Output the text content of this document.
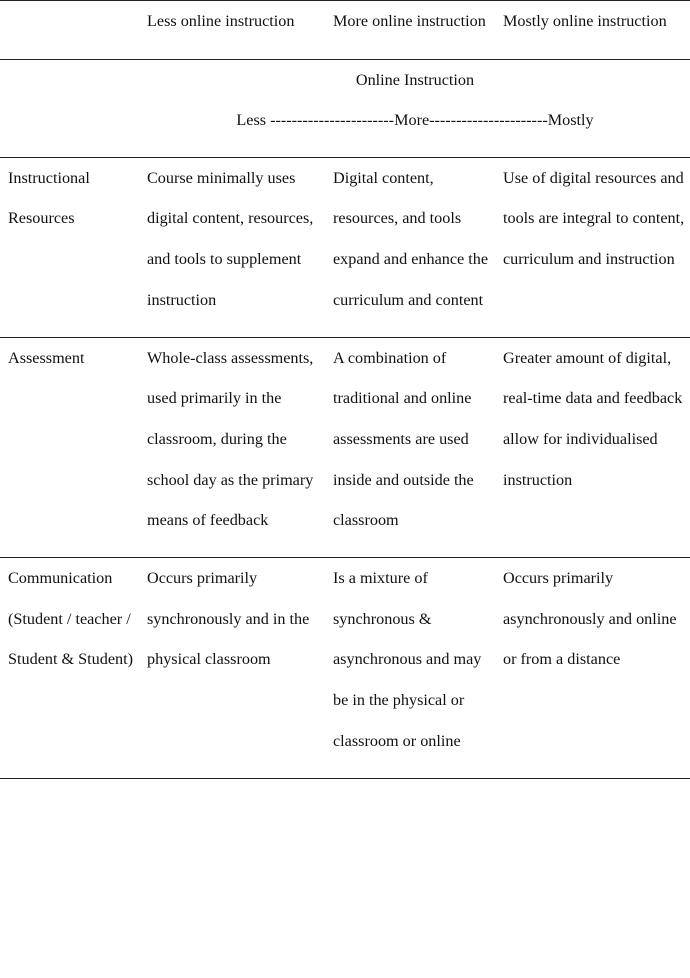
	Less online instruction	More online instruction	Mostly online instruction

Online Instruction
Less -----------------------More----------------------Mostly			

Instructional Resources	Course minimally uses digital content, resources, and tools to supplement instruction	Digital content, resources, and tools expand and enhance the curriculum and content	Use of digital resources and tools are integral to content, curriculum and instruction
Assessment	Whole-class assessments, used primarily in the classroom, during the school day as the primary means of feedback	A combination of traditional and online assessments are used inside and outside the classroom	Greater amount of digital, real-time data and feedback allow for individualised instruction
Communication (Student / teacher / Student & Student)	Occurs primarily synchronously and in the physical classroom	Is a mixture of synchronous & asynchronous and may be in the physical or classroom or online	Occurs primarily asynchronously and online or from a distance
